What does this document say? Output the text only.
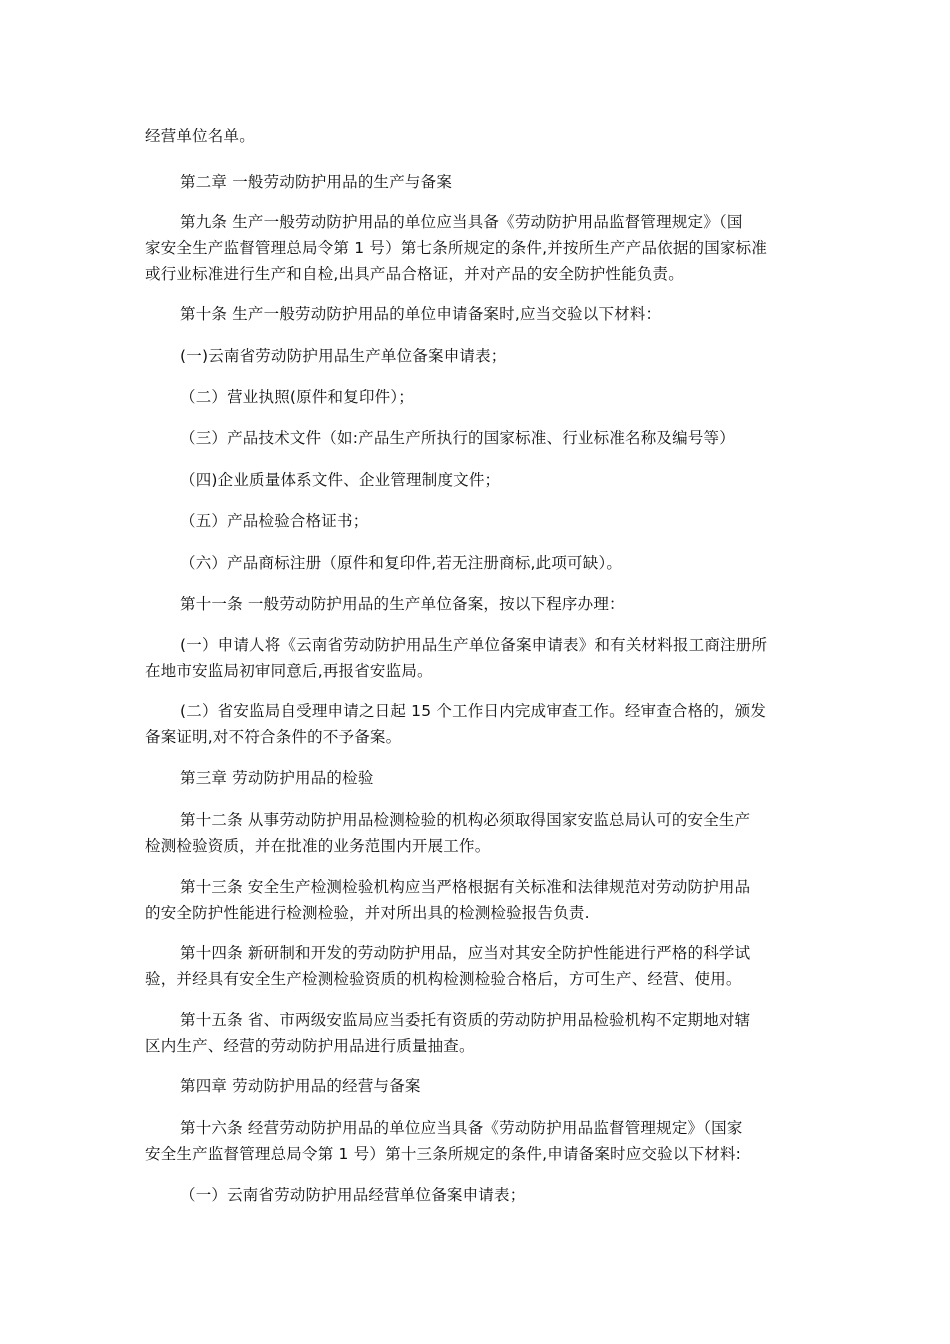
经营单位名单。

第二章 一般劳动防护用品的生产与备案

第九条 生产一般劳动防护用品的单位应当具备《劳动防护用品监督管理规定》（国
家安全生产监督管理总局令第 1 号）第七条所规定的条件,并按所生产产品依据的国家标准
或行业标准进行生产和自检,出具产品合格证，并对产品的安全防护性能负责。

第十条 生产一般劳动防护用品的单位申请备案时,应当交验以下材料：

(一)云南省劳动防护用品生产单位备案申请表；

（二）营业执照(原件和复印件）；

（三）产品技术文件（如:产品生产所执行的国家标准、行业标准名称及编号等）

（四)企业质量体系文件、企业管理制度文件；

（五）产品检验合格证书；

（六）产品商标注册（原件和复印件,若无注册商标,此项可缺）。

第十一条 一般劳动防护用品的生产单位备案，按以下程序办理：

(一）申请人将《云南省劳动防护用品生产单位备案申请表》和有关材料报工商注册所
在地市安监局初审同意后,再报省安监局。
(二）省安监局自受理申请之日起 15 个工作日内完成审查工作。经审查合格的，颁发
备案证明,对不符合条件的不予备案。

第三章 劳动防护用品的检验

第十二条 从事劳动防护用品检测检验的机构必须取得国家安监总局认可的安全生产
检测检验资质，并在批准的业务范围内开展工作。
第十三条 安全生产检测检验机构应当严格根据有关标准和法律规范对劳动防护用品
的安全防护性能进行检测检验，并对所出具的检测检验报告负责.
第十四条 新研制和开发的劳动防护用品，应当对其安全防护性能进行严格的科学试
验，并经具有安全生产检测检验资质的机构检测检验合格后，方可生产、经营、使用。
第十五条 省、市两级安监局应当委托有资质的劳动防护用品检验机构不定期地对辖
区内生产、经营的劳动防护用品进行质量抽查。

第四章 劳动防护用品的经营与备案

第十六条 经营劳动防护用品的单位应当具备《劳动防护用品监督管理规定》（国家
安全生产监督管理总局令第 1 号）第十三条所规定的条件,申请备案时应交验以下材料:

（一）云南省劳动防护用品经营单位备案申请表；
